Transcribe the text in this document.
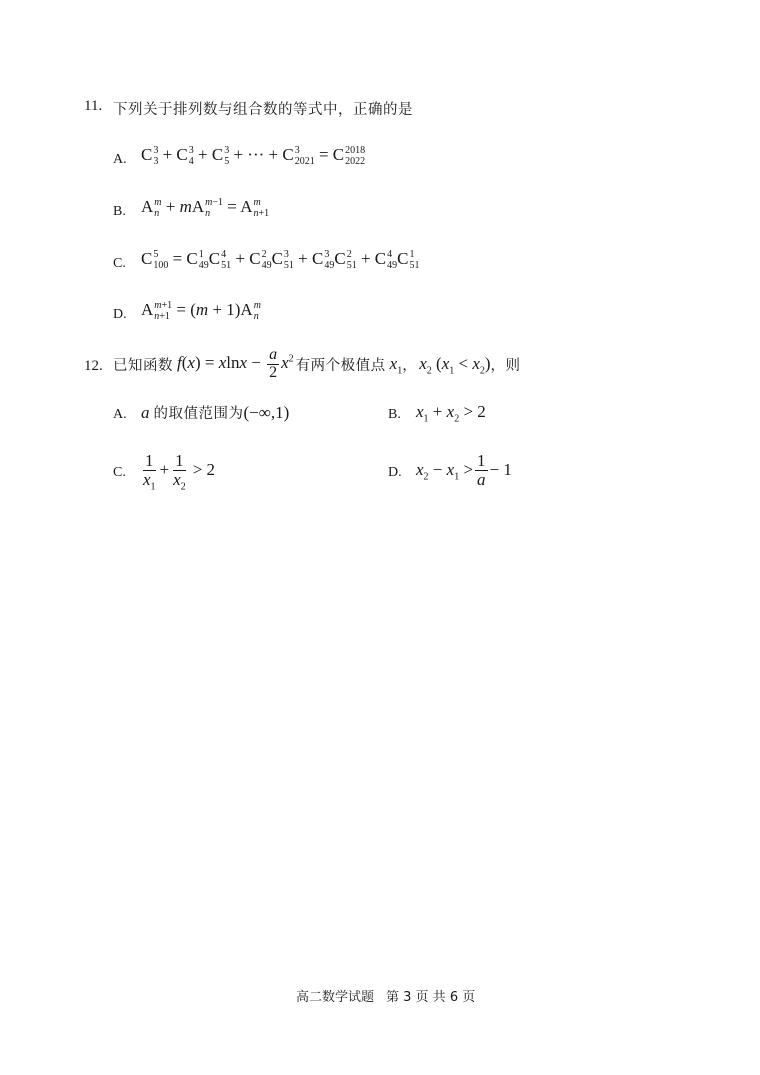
11. 下列关于排列数与组合数的等式中，正确的是
A. C 3
3 + C 3
4 + C 3
5 + ··· + C 3
2021 = C 2018
2022
B. A m
n + mA m−1
n = A m
n+1
C. C 5
100 = C 1
49 C 4
51 + C 2
49 C 3
51 + C 3
49 C 2
51 + C 4
49 C 1
51
D. A m+1
n+1 = (m + 1)A m
n
12. 已知函数 $f(x) = xlnx - \frac{a}{2} x^2$ 有两个极值点 $x_1$ ， $x_2$ $(x_1 < x_2)$ ，则
A. a 的取值范围为 (−∞,1)	B. $x_1 + x_2 > 2$
C. $\frac{1}{x_1} + \frac{1}{x_2} > 2$	D. $x_2 - x_1 > \frac{1}{a} - 1$
高二数学试题 第 3 页 共 6 页
